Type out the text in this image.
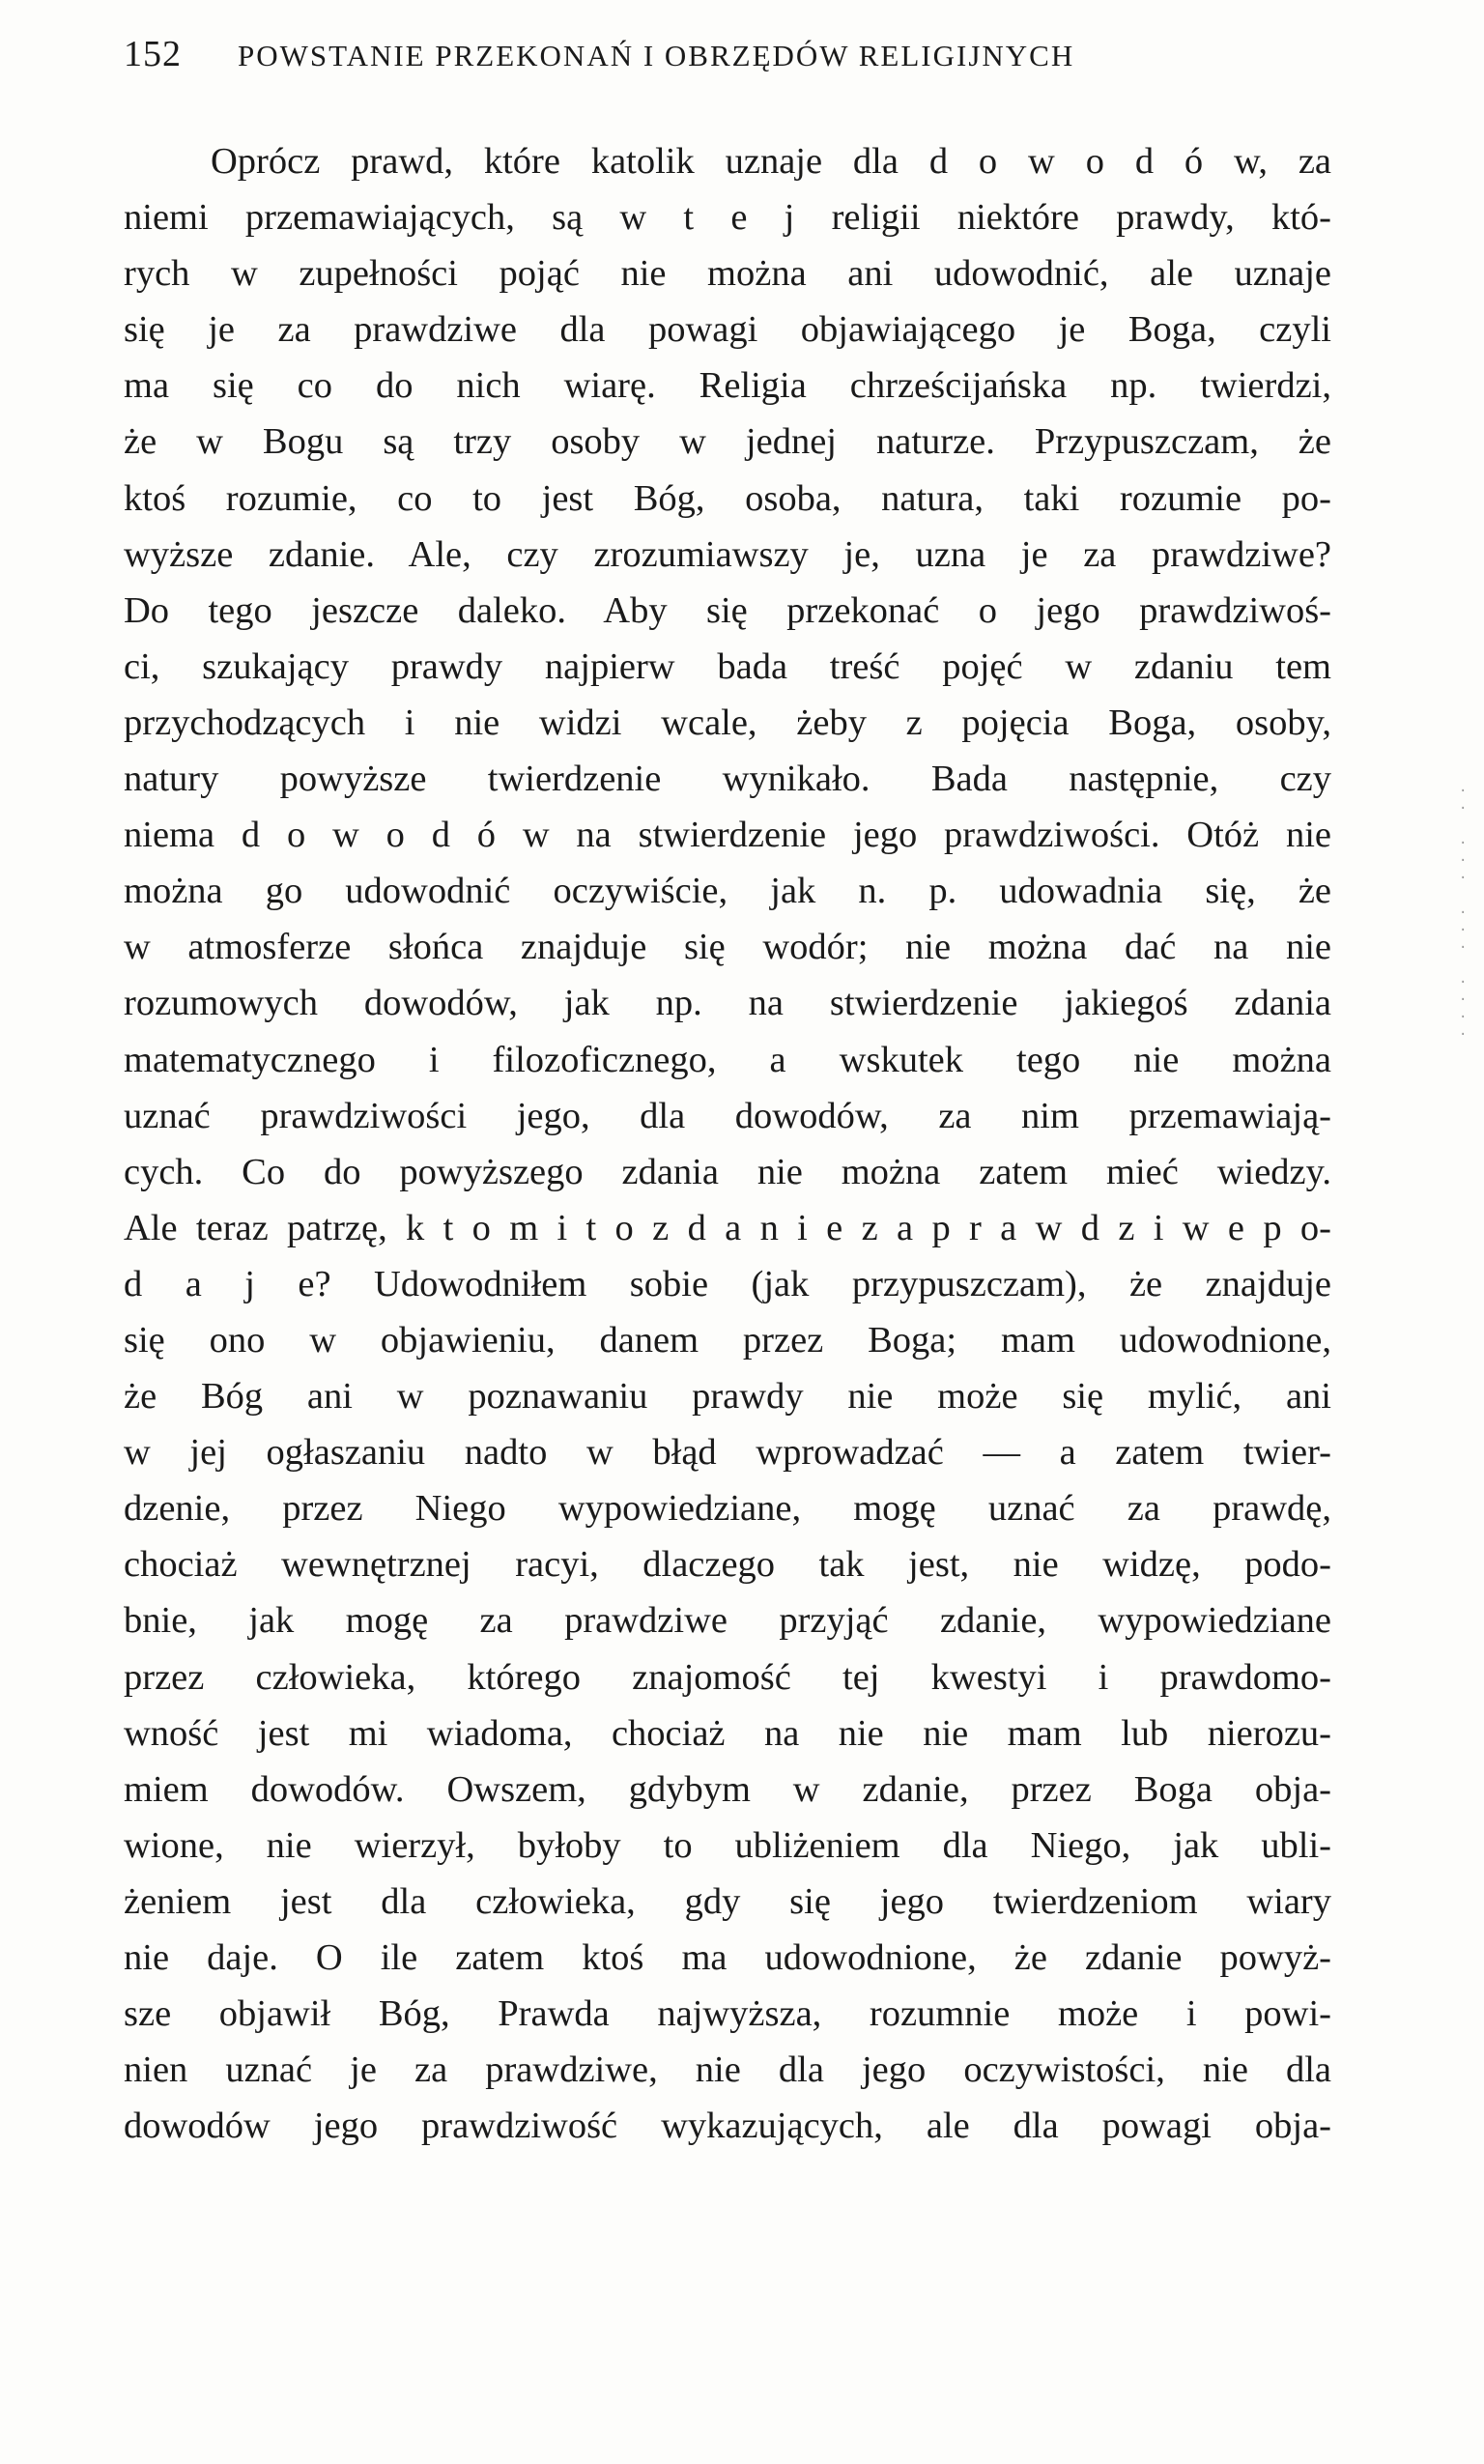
152 POWSTANIE PRZEKONAŃ I OBRZĘDÓW RELIGIJNYCH
Oprócz prawd, które katolik uznaje dla d o w o d ó w, za
niemi przemawiających, są w t e j religii niektóre prawdy, któ-
rych w zupełności pojąć nie można ani udowodnić, ale uznaje
się je za prawdziwe dla powagi objawiającego je Boga, czyli
ma się co do nich wiarę. Religia chrześcijańska np. twierdzi,
że w Bogu są trzy osoby w jednej naturze. Przypuszczam, że
ktoś rozumie, co to jest Bóg, osoba, natura, taki rozumie po-
wyższe zdanie. Ale, czy zrozumiawszy je, uzna je za prawdziwe?
Do tego jeszcze daleko. Aby się przekonać o jego prawdziwoś-
ci, szukający prawdy najpierw bada treść pojęć w zdaniu tem
przychodzących i nie widzi wcale, żeby z pojęcia Boga, osoby,
natury powyższe twierdzenie wynikało. Bada następnie, czy
niema d o w o d ó w na stwierdzenie jego prawdziwości. Otóż nie
można go udowodnić oczywiście, jak n. p. udowadnia się, że
w atmosferze słońca znajduje się wodór; nie można dać na nie
rozumowych dowodów, jak np. na stwierdzenie jakiegoś zdania
matematycznego i filozoficznego, a wskutek tego nie można
uznać prawdziwości jego, dla dowodów, za nim przemawiają-
cych. Co do powyższego zdania nie można zatem mieć wiedzy.
Ale teraz patrzę, k t o m i t o z d a n i e z a p r a w d z i w e p o-
d a j e? Udowodniłem sobie (jak przypuszczam), że znajduje
się ono w objawieniu, danem przez Boga; mam udowodnione,
że Bóg ani w poznawaniu prawdy nie może się mylić, ani
w jej ogłaszaniu nadto w błąd wprowadzać — a zatem twier-
dzenie, przez Niego wypowiedziane, mogę uznać za prawdę,
chociaż wewnętrznej racyi, dlaczego tak jest, nie widzę, podo-
bnie, jak mogę za prawdziwe przyjąć zdanie, wypowiedziane
przez człowieka, którego znajomość tej kwestyi i prawdomo-
wność jest mi wiadoma, chociaż na nie nie mam lub nierozu-
miem dowodów. Owszem, gdybym w zdanie, przez Boga obja-
wione, nie wierzył, byłoby to ubliżeniem dla Niego, jak ubli-
żeniem jest dla człowieka, gdy się jego twierdzeniom wiary
nie daje. O ile zatem ktoś ma udowodnione, że zdanie powyż-
sze objawił Bóg, Prawda najwyższa, rozumnie może i powi-
nien uznać je za prawdziwe, nie dla jego oczywistości, nie dla
dowodów jego prawdziwość wykazujących, ale dla powagi obja-
·
·

·
·
·

·
·
·

·
·
·
·
